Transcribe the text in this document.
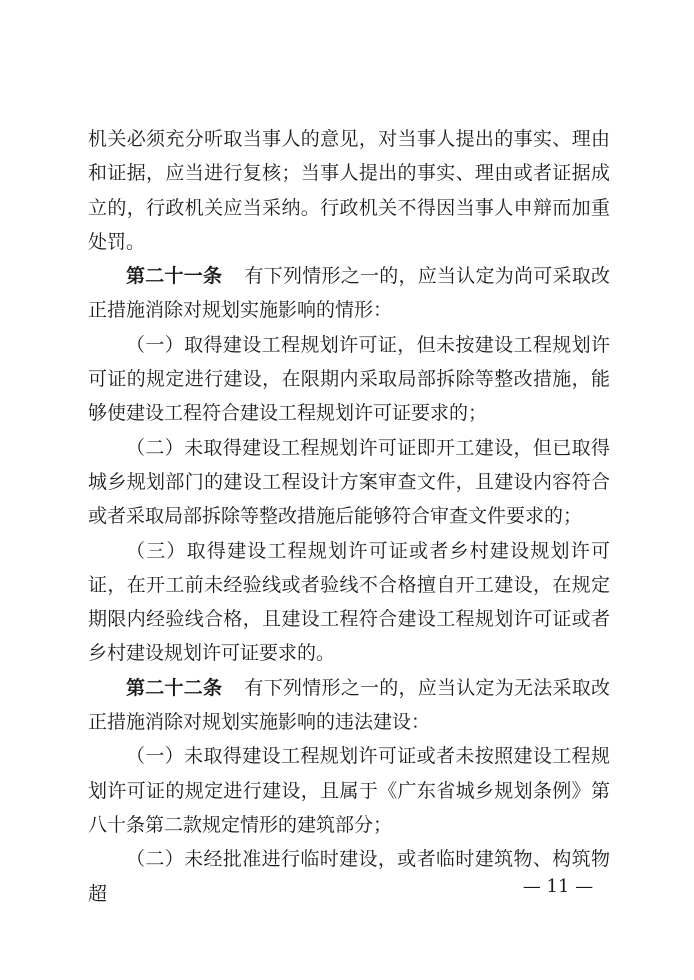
机关必须充分听取当事人的意见，对当事人提出的事实、理由和证据，应当进行复核；当事人提出的事实、理由或者证据成立的，行政机关应当采纳。行政机关不得因当事人申辩而加重处罚。

第二十一条 有下列情形之一的，应当认定为尚可采取改正措施消除对规划实施影响的情形：

（一）取得建设工程规划许可证，但未按建设工程规划许可证的规定进行建设，在限期内采取局部拆除等整改措施，能够使建设工程符合建设工程规划许可证要求的；

（二）未取得建设工程规划许可证即开工建设，但已取得城乡规划部门的建设工程设计方案审查文件，且建设内容符合或者采取局部拆除等整改措施后能够符合审查文件要求的；

（三）取得建设工程规划许可证或者乡村建设规划许可证，在开工前未经验线或者验线不合格擅自开工建设，在规定期限内经验线合格，且建设工程符合建设工程规划许可证或者乡村建设规划许可证要求的。

第二十二条 有下列情形之一的，应当认定为无法采取改正措施消除对规划实施影响的违法建设：

（一）未取得建设工程规划许可证或者未按照建设工程规划许可证的规定进行建设，且属于《广东省城乡规划条例》第八十条第二款规定情形的建筑部分；

（二）未经批准进行临时建设，或者临时建筑物、构筑物超	— 11 —
